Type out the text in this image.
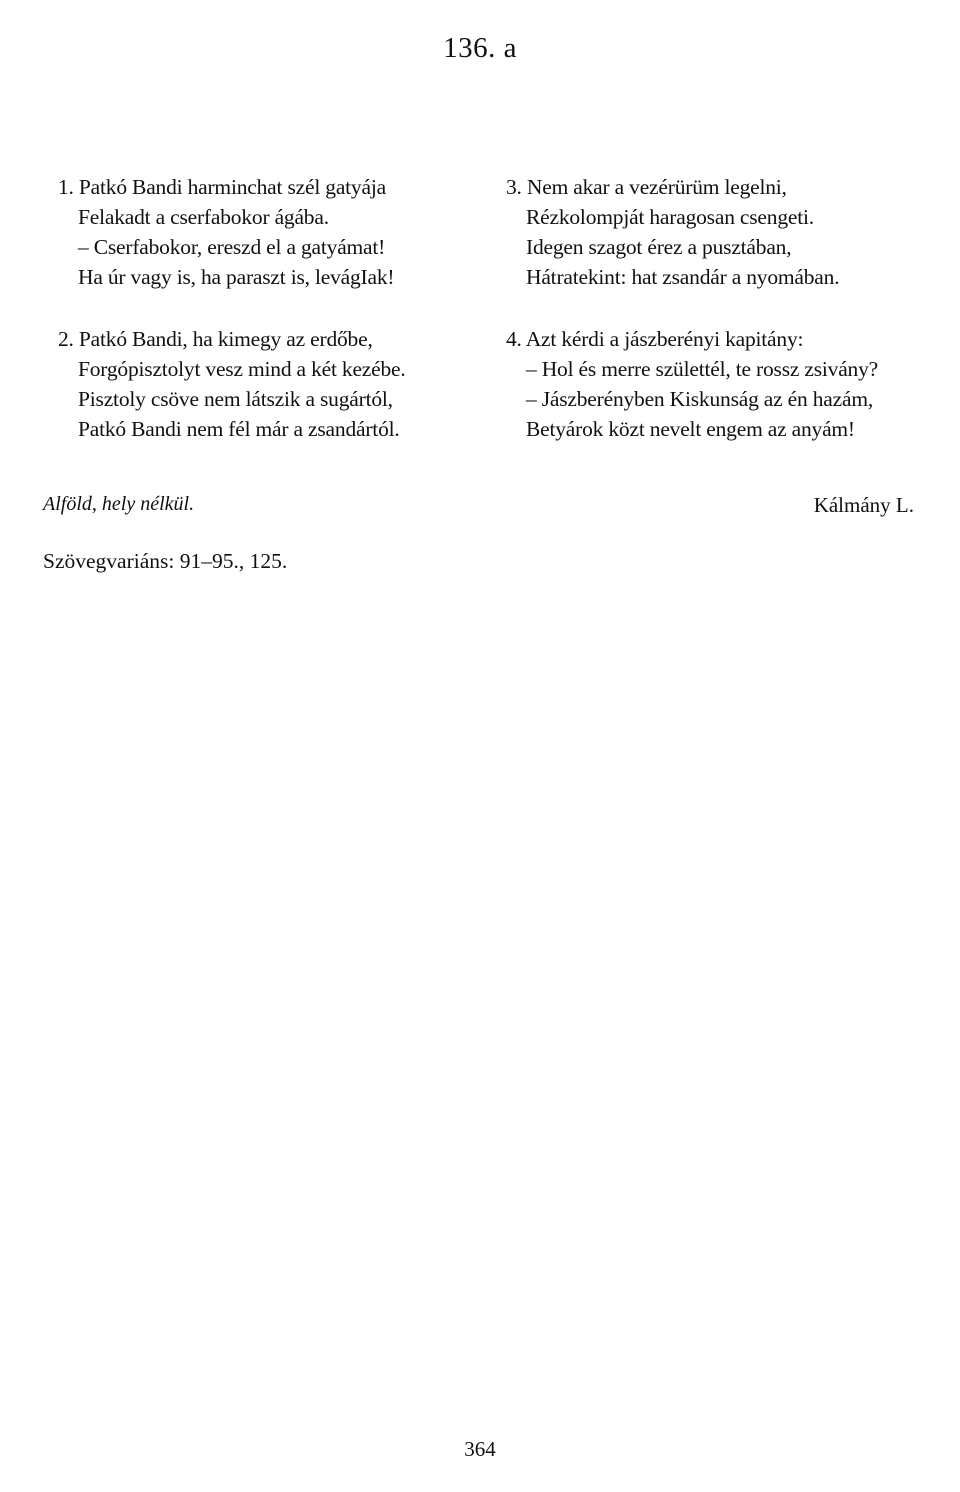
136. a
1. Patkó Bandi harminchat szél gatyája
Felakadt a cserfabokor ágába.
– Cserfabokor, ereszd el a gatyámat!
Ha úr vagy is, ha paraszt is, levágIak!
2. Patkó Bandi, ha kimegy az erdőbe,
Forgópisztolyt vesz mind a két kezébe.
Pisztoly csöve nem látszik a sugártól,
Patkó Bandi nem fél már a zsandártól.
3. Nem akar a vezérürüm legelni,
Rézkolompját haragosan csengeti.
Idegen szagot érez a pusztában,
Hátratekint: hat zsandár a nyomában.
4. Azt kérdi a jászberényi kapitány:
– Hol és merre születtél, te rossz zsivány?
– Jászberényben Kiskunság az én hazám,
Betyárok közt nevelt engem az anyám!
Alföld, hely nélkül.	Kálmány L.
Szövegvariáns: 91–95., 125.
364
